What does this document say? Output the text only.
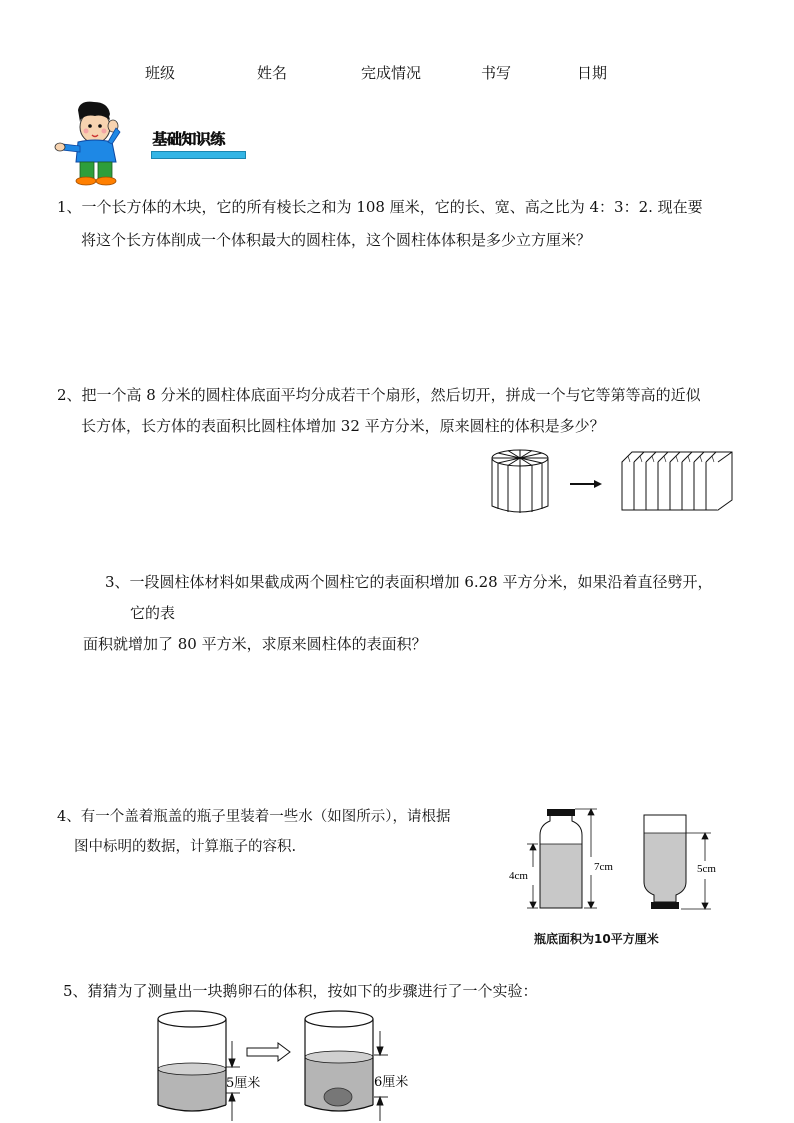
班级	姓名	完成情况	书写	日期
基础知识练
1、一个长方体的木块，它的所有棱长之和为 108 厘米，它的长、宽、高之比为 4：3：2. 现在要
将这个长方体削成一个体积最大的圆柱体，这个圆柱体体积是多少立方厘米？
2、把一个高 8 分米的圆柱体底面平均分成若干个扇形，然后切开，拼成一个与它等第等高的近似
长方体，长方体的表面积比圆柱体增加 32 平方分米，原来圆柱的体积是多少？
3、一段圆柱体材料如果截成两个圆柱它的表面积增加 6.28 平方分米，如果沿着直径劈开，
它的表
面积就增加了 80 平方米，求原来圆柱体的表面积？
4、有一个盖着瓶盖的瓶子里装着一些水（如图所示），请根据
图中标明的数据，计算瓶子的容积.
4cm
7cm	5cm
瓶底面积为10平方厘米
5、猜猜为了测量出一块鹅卵石的体积，按如下的步骤进行了一个实验：
5厘米	6厘米
